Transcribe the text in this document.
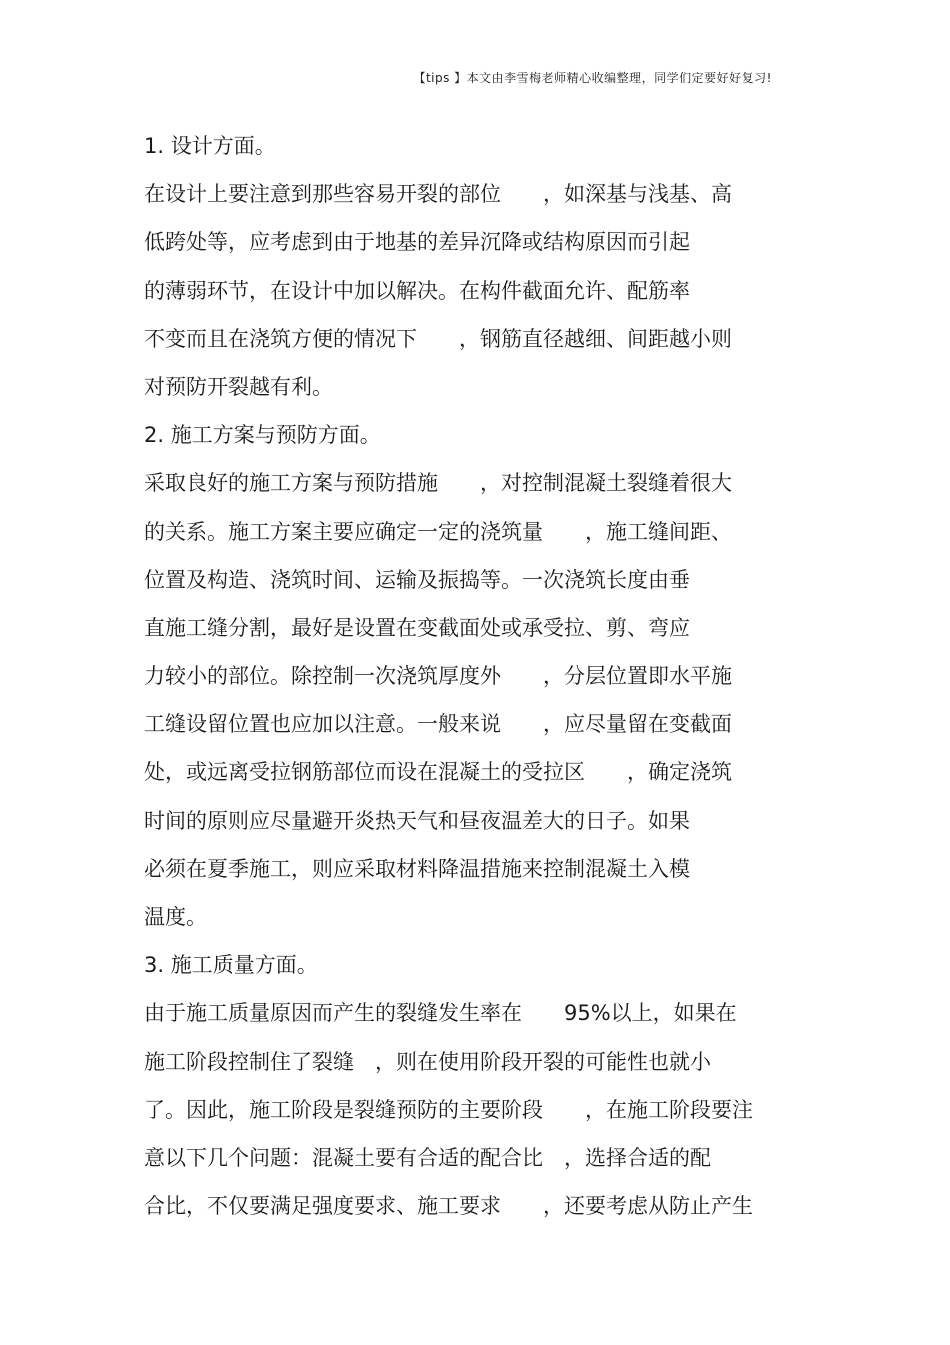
【tips 】本文由李雪梅老师精心收编整理，同学们定要好好复习!
1. 设计方面。
在设计上要注意到那些容易开裂的部位　　，如深基与浅基、高
低跨处等，应考虑到由于地基的差异沉降或结构原因而引起
的薄弱环节，在设计中加以解决。在构件截面允许、配筋率
不变而且在浇筑方便的情况下　　，钢筋直径越细、间距越小则
对预防开裂越有利。
2. 施工方案与预防方面。
采取良好的施工方案与预防措施　　，对控制混凝土裂缝着很大
的关系。施工方案主要应确定一定的浇筑量　　，施工缝间距、
位置及构造、浇筑时间、运输及振捣等。一次浇筑长度由垂
直施工缝分割，最好是设置在变截面处或承受拉、剪、弯应
力较小的部位。除控制一次浇筑厚度外　　，分层位置即水平施
工缝设留位置也应加以注意。一般来说　　，应尽量留在变截面
处，或远离受拉钢筋部位而设在混凝土的受拉区　　，确定浇筑
时间的原则应尽量避开炎热天气和昼夜温差大的日子。如果
必须在夏季施工，则应采取材料降温措施来控制混凝土入模
温度。
3. 施工质量方面。
由于施工质量原因而产生的裂缝发生率在　　95%以上，如果在
施工阶段控制住了裂缝　，则在使用阶段开裂的可能性也就小
了。因此，施工阶段是裂缝预防的主要阶段　　，在施工阶段要注
意以下几个问题：混凝土要有合适的配合比　，选择合适的配
合比，不仅要满足强度要求、施工要求　　，还要考虑从防止产生
